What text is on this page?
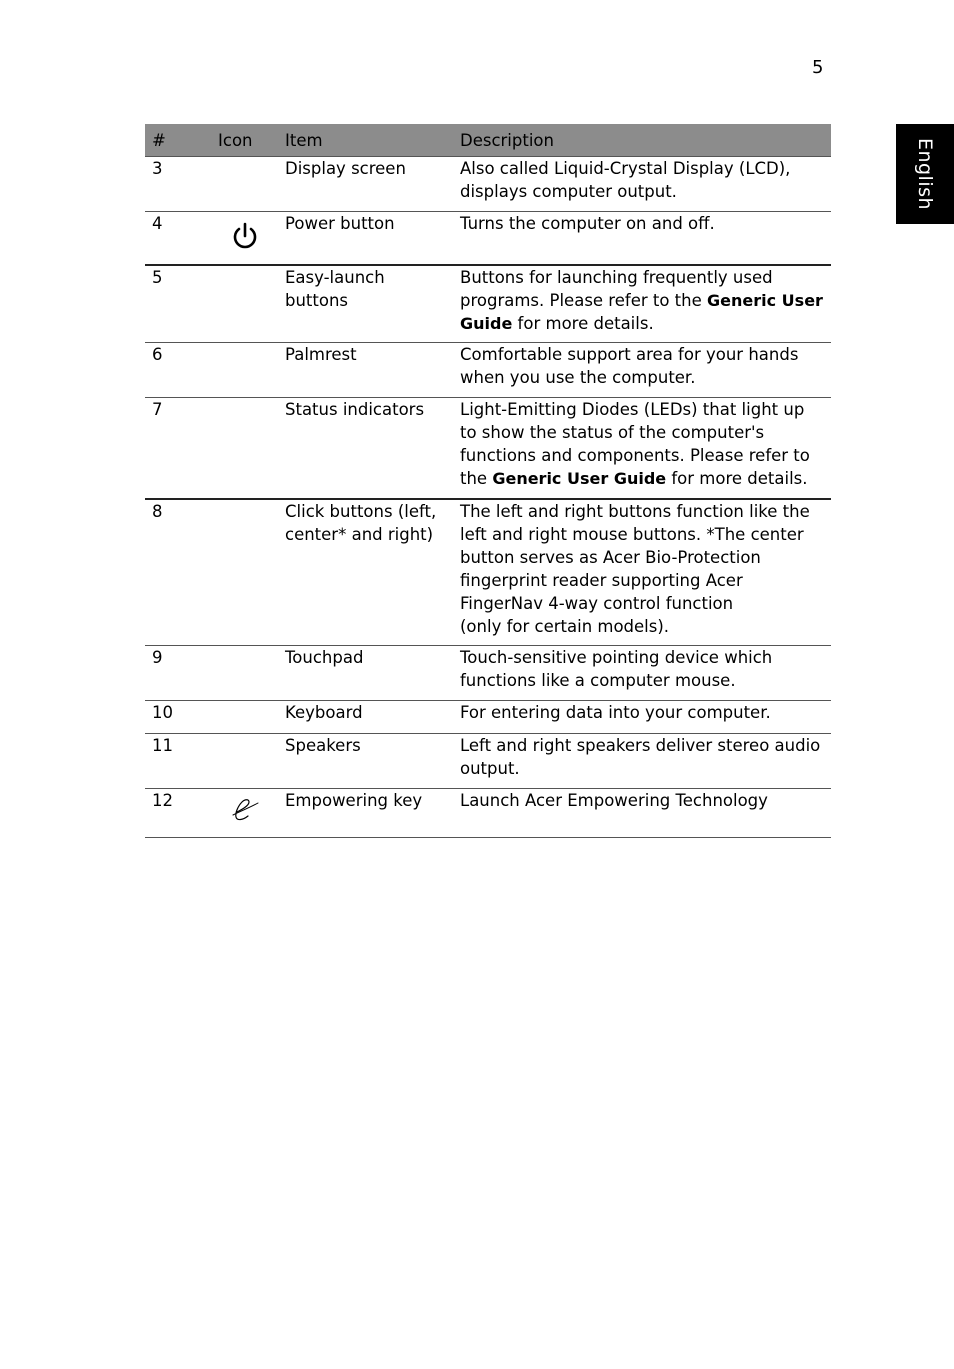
5
English
#	Icon	Item	Description
3		Display screen	Also called Liquid-Crystal Display (LCD), displays computer output.
4		Power button	Turns the computer on and off.
5		Easy-launch buttons	Buttons for launching frequently used programs. Please refer to the Generic User Guide for more details.
6		Palmrest	Comfortable support area for your hands when you use the computer.
7		Status indicators	Light-Emitting Diodes (LEDs) that light up to show the status of the computer's functions and components. Please refer to the Generic User Guide for more details.
8		Click buttons (left, center* and right)	The left and right buttons function like the left and right mouse buttons. *The center button serves as Acer Bio-Protection fingerprint reader supporting Acer FingerNav 4-way control function
(only for certain models).
9		Touchpad	Touch-sensitive pointing device which functions like a computer mouse.
10		Keyboard	For entering data into your computer.
11		Speakers	Left and right speakers deliver stereo audio output.
12		Empowering key	Launch Acer Empowering Technology
